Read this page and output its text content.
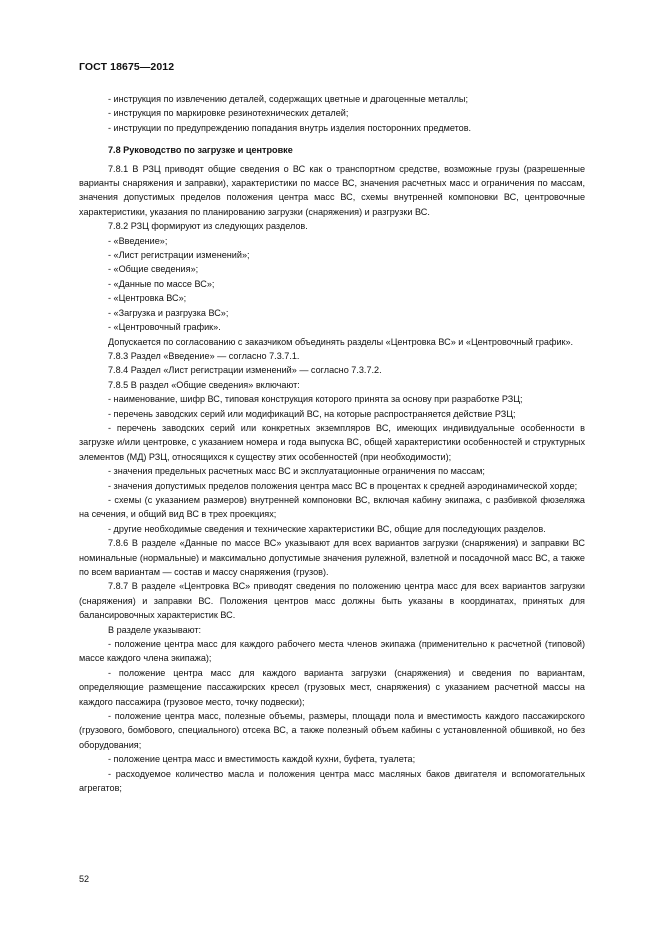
ГОСТ 18675—2012

- инструкция по извлечению деталей, содержащих цветные и драгоценные металлы;

- инструкция по маркировке резинотехнических деталей;

- инструкции по предупреждению попадания внутрь изделия посторонних предметов.

7.8 Руководство по загрузке и центровке

7.8.1 В РЗЦ приводят общие сведения о ВС как о транспортном средстве, возможные грузы (разрешенные варианты снаряжения и заправки), характеристики по массе ВС, значения расчетных масс и ограничения по массам, значения допустимых пределов положения центра масс ВС, схемы внутренней компоновки ВС, центровочные характеристики, указания по планированию загрузки (снаряжения) и разгрузки ВС.

7.8.2 РЗЦ формируют из следующих разделов.

- «Введение»;

- «Лист регистрации изменений»;

- «Общие сведения»;

- «Данные по массе ВС»;

- «Центровка ВС»;

- «Загрузка и разгрузка ВС»;

- «Центровочный график».

Допускается по согласованию с заказчиком объединять разделы «Центровка ВС» и «Центровочный график».

7.8.3 Раздел «Введение» — согласно 7.3.7.1.

7.8.4 Раздел «Лист регистрации изменений» — согласно 7.3.7.2.

7.8.5 В раздел «Общие сведения» включают:

- наименование, шифр ВС, типовая конструкция которого принята за основу при разработке РЗЦ;

- перечень заводских серий или модификаций ВС, на которые распространяется действие РЗЦ;

- перечень заводских серий или конкретных экземпляров ВС, имеющих индивидуальные особенности в загрузке и/или центровке, с указанием номера и года выпуска ВС, общей характеристики особенностей и структурных элементов (МД) РЗЦ, относящихся к существу этих особенностей (при необходимости);

- значения предельных расчетных масс ВС и эксплуатационные ограничения по массам;

- значения допустимых пределов положения центра масс ВС в процентах к средней аэродинамической хорде;

- схемы (с указанием размеров) внутренней компоновки ВС, включая кабину экипажа, с разбивкой фюзеляжа на сечения, и общий вид ВС в трех проекциях;

- другие необходимые сведения и технические характеристики ВС, общие для последующих разделов.

7.8.6 В разделе «Данные по массе ВС» указывают для всех вариантов загрузки (снаряжения) и заправки ВС номинальные (нормальные) и максимально допустимые значения рулежной, взлетной и посадочной масс ВС, а также по всем вариантам — состав и массу снаряжения (грузов).

7.8.7 В разделе «Центровка ВС» приводят сведения по положению центра масс для всех вариантов загрузки (снаряжения) и заправки ВС. Положения центров масс должны быть указаны в координатах, принятых для балансировочных характеристик ВС.

В разделе указывают:

- положение центра масс для каждого рабочего места членов экипажа (применительно к расчетной (типовой) массе каждого члена экипажа);

- положение центра масс для каждого варианта загрузки (снаряжения) и сведения по вариантам, определяющие размещение пассажирских кресел (грузовых мест, снаряжения) с указанием расчетной массы на каждого пассажира (грузовое место, точку подвески);

- положение центра масс, полезные объемы, размеры, площади пола и вместимость каждого пассажирского (грузового, бомбового, специального) отсека ВС, а также полезный объем кабины с установленной обшивкой, но без оборудования;

- положение центра масс и вместимость каждой кухни, буфета, туалета;

- расходуемое количество масла и положения центра масс масляных баков двигателя и вспомогательных агрегатов;

52
